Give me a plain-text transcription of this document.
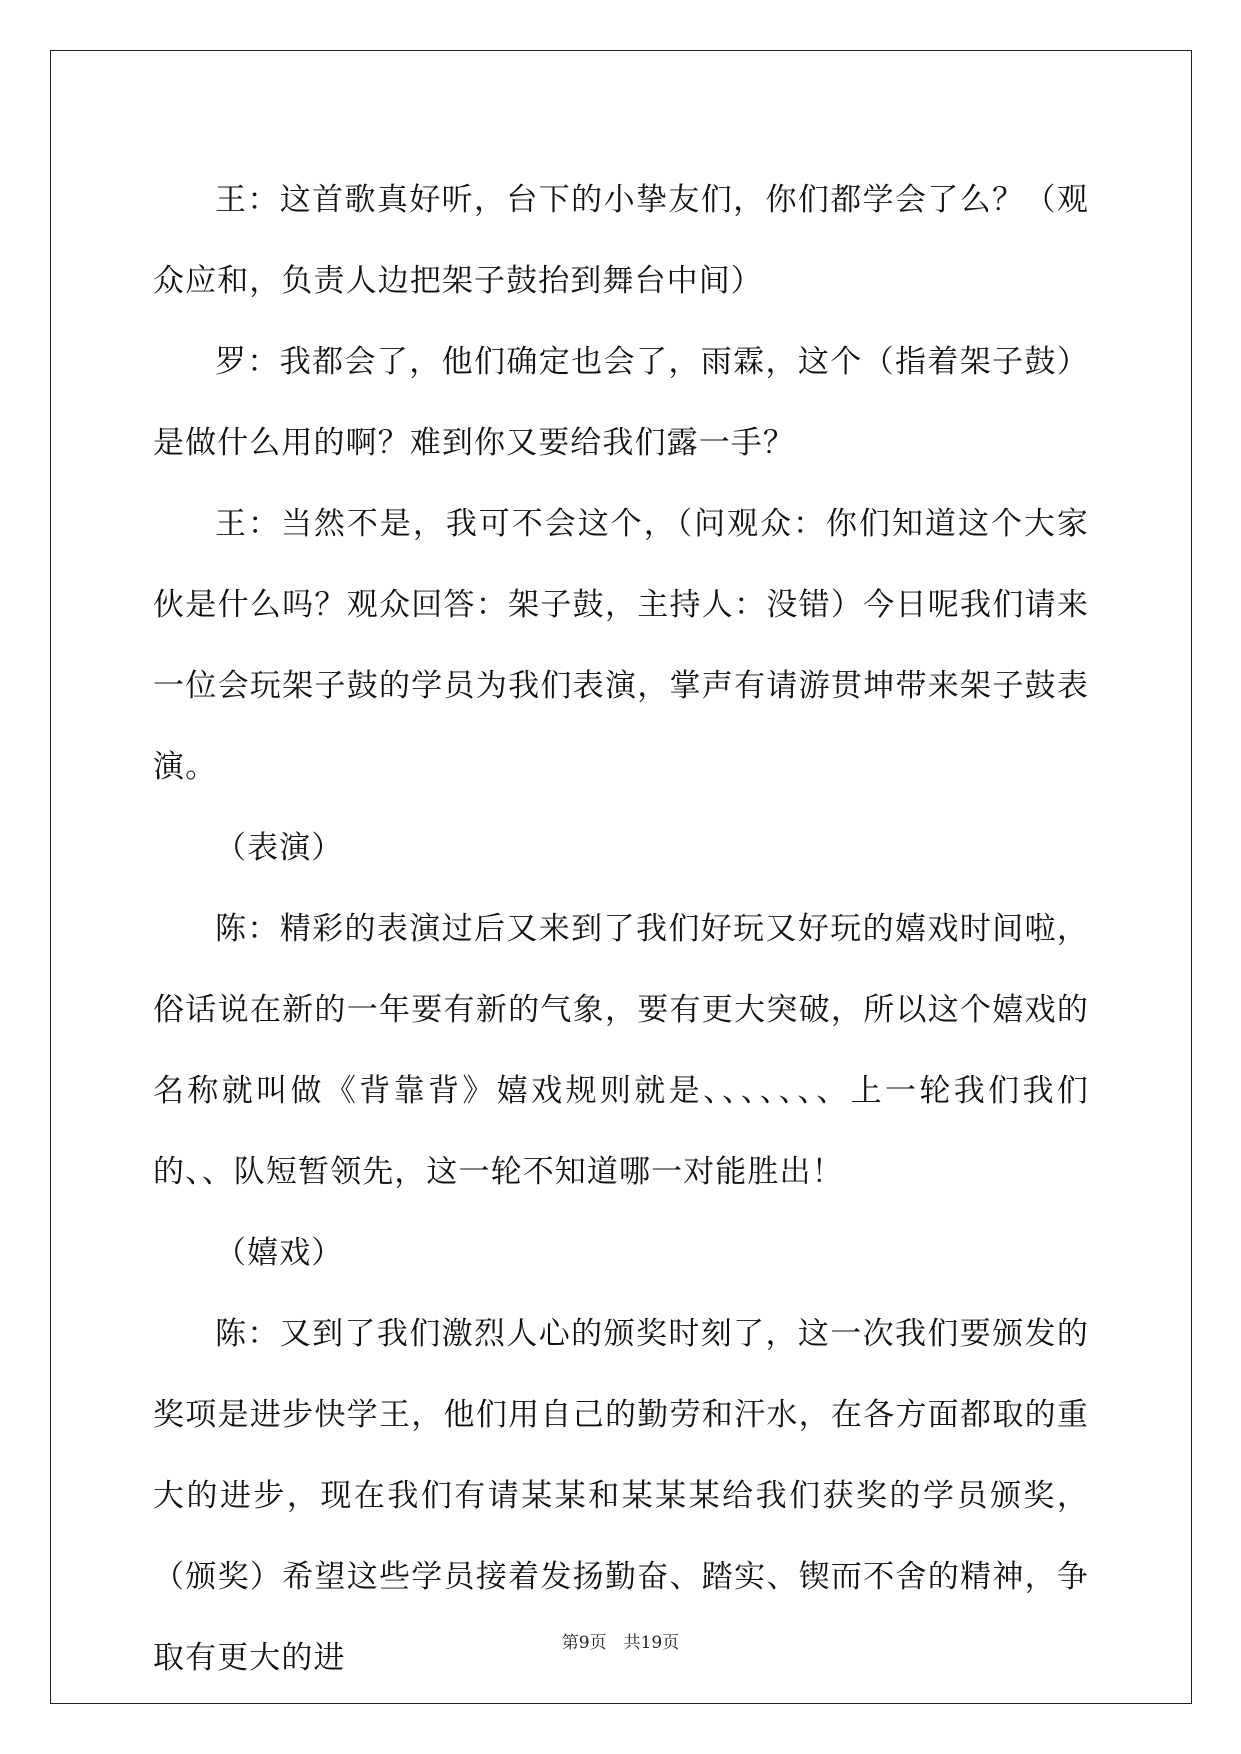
王：这首歌真好听，台下的小挚友们，你们都学会了么？（观众应和，负责人边把架子鼓抬到舞台中间）

罗：我都会了，他们确定也会了，雨霖，这个（指着架子鼓）是做什么用的啊？难到你又要给我们露一手？

王：当然不是，我可不会这个，（问观众：你们知道这个大家伙是什么吗？观众回答：架子鼓，主持人：没错）今日呢我们请来一位会玩架子鼓的学员为我们表演，掌声有请游贯坤带来架子鼓表演。

（表演）

陈：精彩的表演过后又来到了我们好玩又好玩的嬉戏时间啦，俗话说在新的一年要有新的气象，要有更大突破，所以这个嬉戏的名称就叫做《背靠背》嬉戏规则就是、、、、、、、上一轮我们我们的、、队短暂领先，这一轮不知道哪一对能胜出！

（嬉戏）

陈：又到了我们激烈人心的颁奖时刻了，这一次我们要颁发的奖项是进步快学王，他们用自己的勤劳和汗水，在各方面都取的重大的进步，现在我们有请某某和某某某给我们获奖的学员颁奖，（颁奖）希望这些学员接着发扬勤奋、踏实、锲而不舍的精神，争取有更大的进	第9页　共19页
